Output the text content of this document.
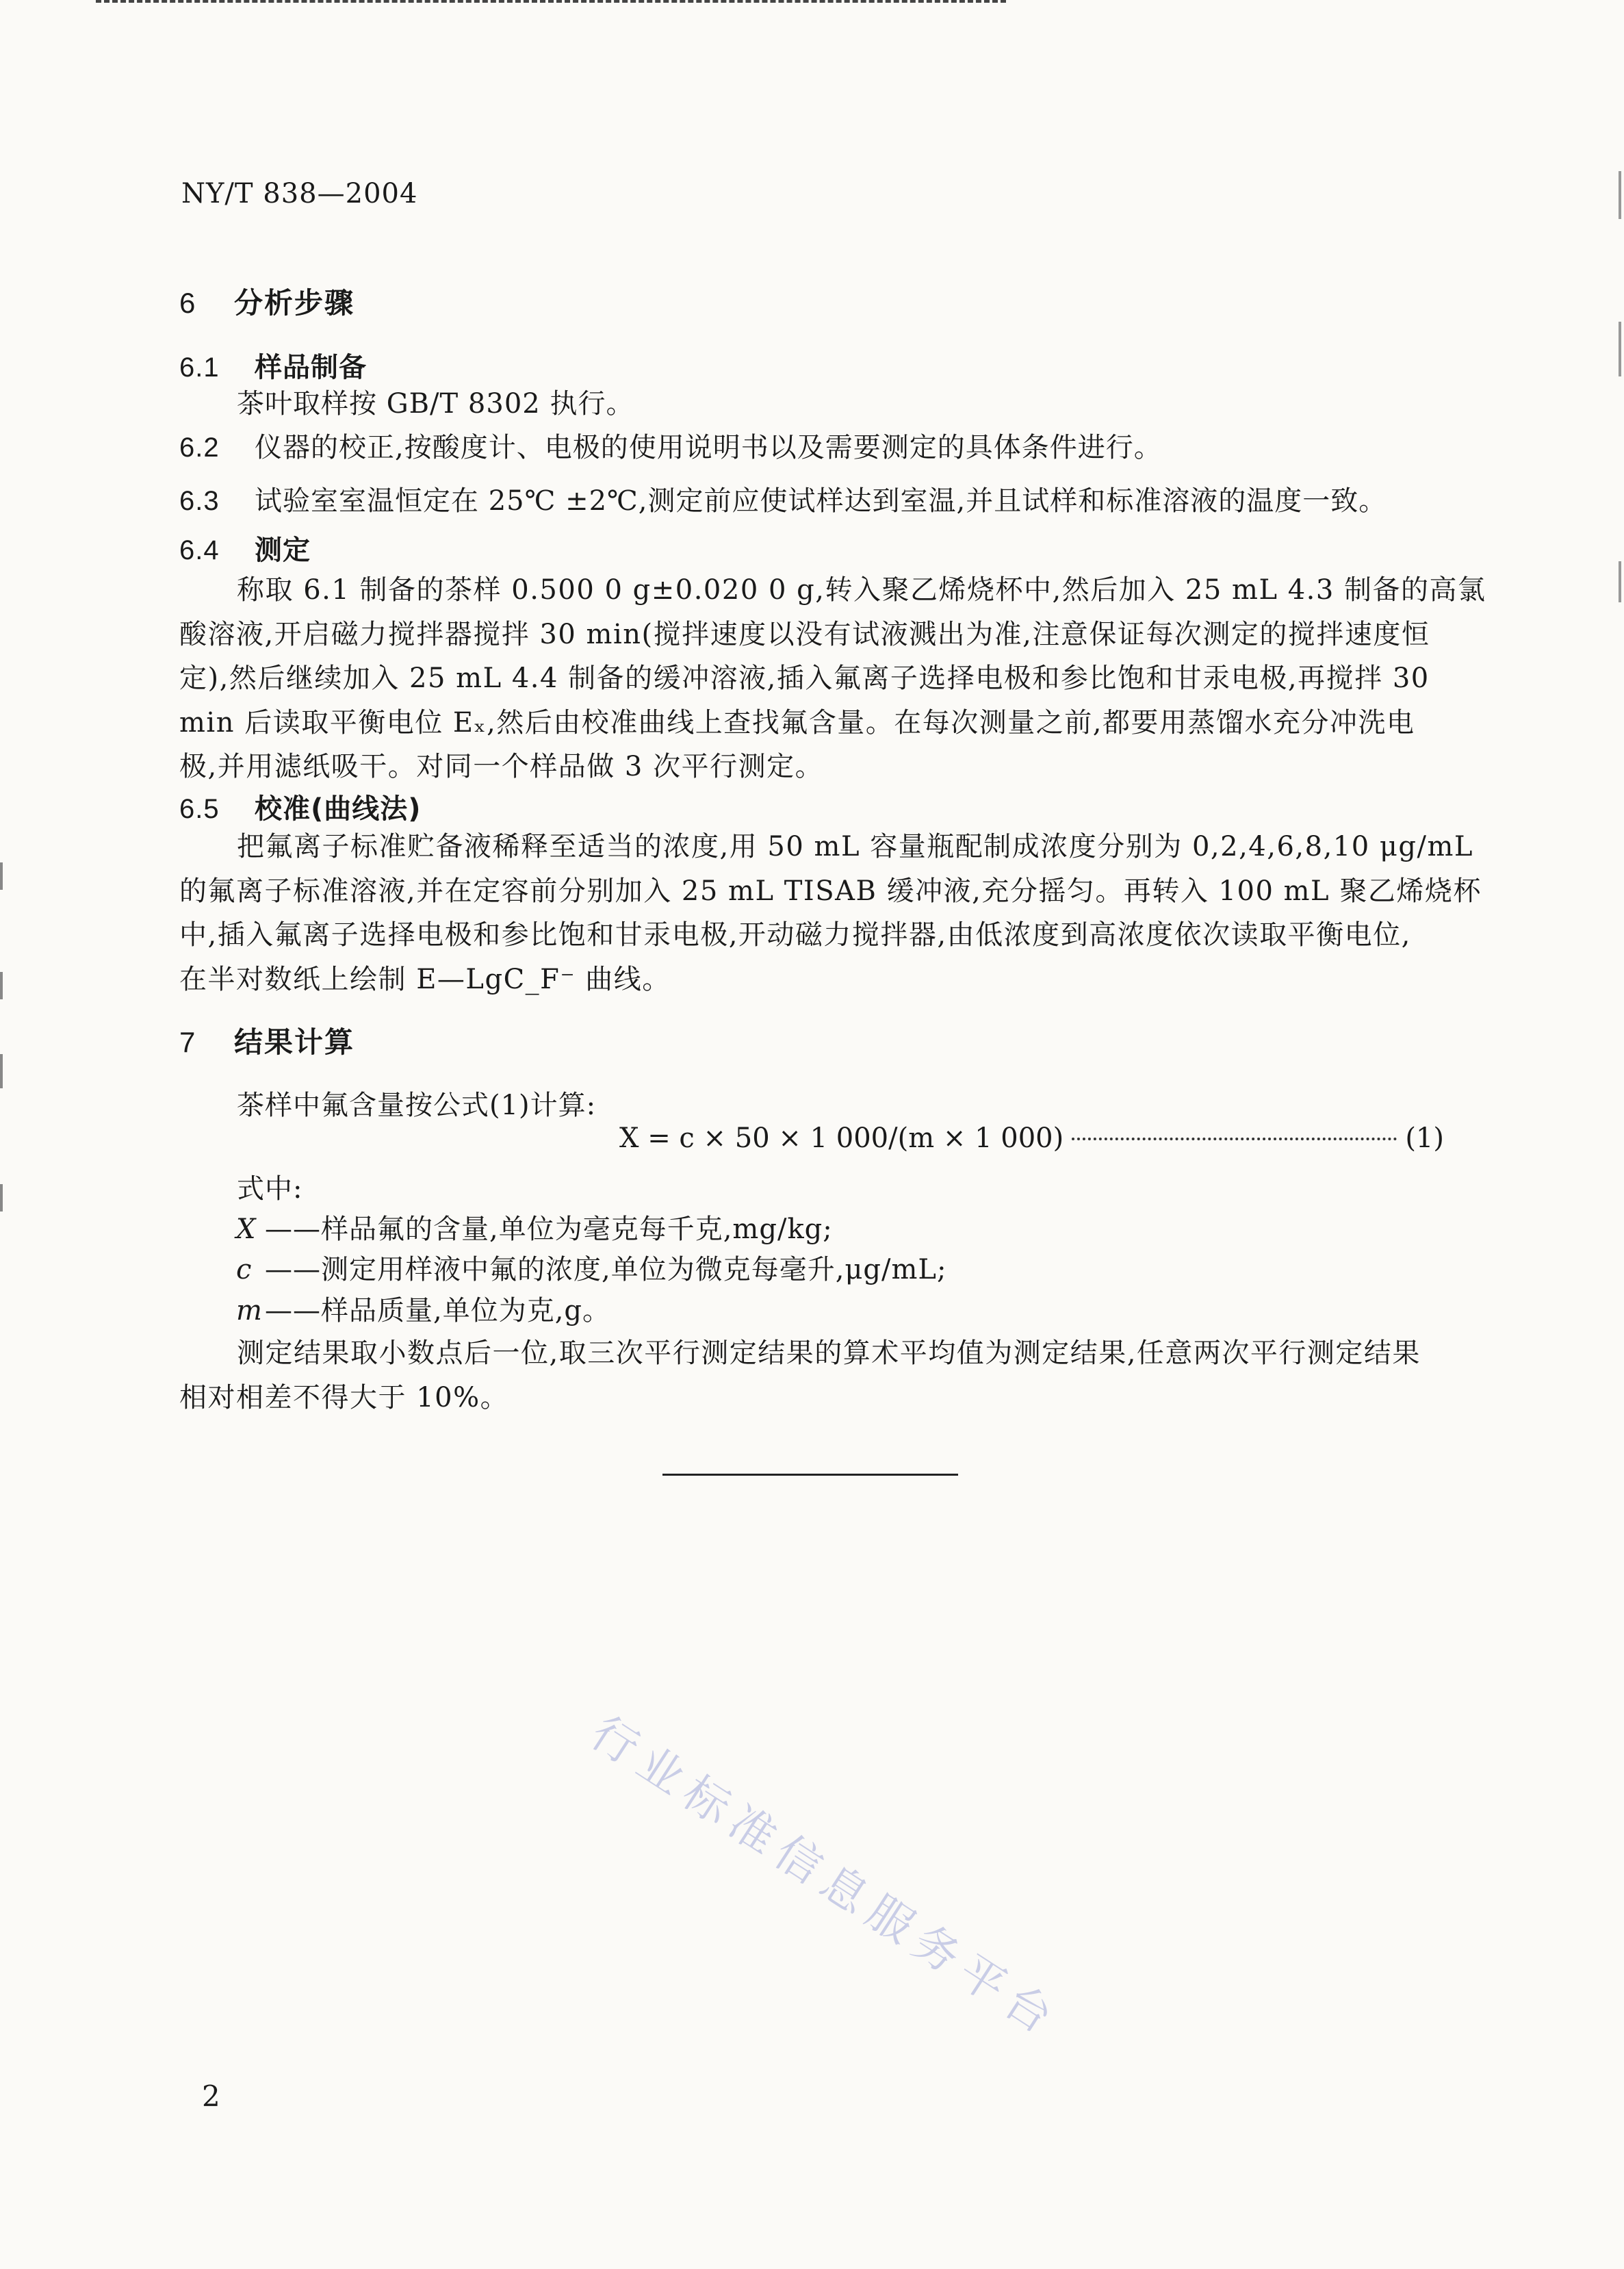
NY/T 838—2004
6 分析步骤
6.1 样品制备
茶叶取样按 GB/T 8302 执行。
6.2 仪器的校正,按酸度计、电极的使用说明书以及需要测定的具体条件进行。
6.3 试验室室温恒定在 25℃ ±2℃,测定前应使试样达到室温,并且试样和标准溶液的温度一致。
6.4 测定
称取 6.1 制备的茶样 0.500 0 g±0.020 0 g,转入聚乙烯烧杯中,然后加入 25 mL 4.3 制备的高氯
酸溶液,开启磁力搅拌器搅拌 30 min(搅拌速度以没有试液溅出为准,注意保证每次测定的搅拌速度恒
定),然后继续加入 25 mL 4.4 制备的缓冲溶液,插入氟离子选择电极和参比饱和甘汞电极,再搅拌 30
min 后读取平衡电位 Eₓ,然后由校准曲线上查找氟含量。在每次测量之前,都要用蒸馏水充分冲洗电
极,并用滤纸吸干。对同一个样品做 3 次平行测定。
6.5 校准(曲线法)
把氟离子标准贮备液稀释至适当的浓度,用 50 mL 容量瓶配制成浓度分别为 0,2,4,6,8,10 μg/mL
的氟离子标准溶液,并在定容前分别加入 25 mL TISAB 缓冲液,充分摇匀。再转入 100 mL 聚乙烯烧杯
中,插入氟离子选择电极和参比饱和甘汞电极,开动磁力搅拌器,由低浓度到高浓度依次读取平衡电位,
在半对数纸上绘制 E—LgC_F⁻ 曲线。
7 结果计算
茶样中氟含量按公式(1)计算:
X = c × 50 × 1 000/(m × 1 000)	(1)
式中:
X ——样品氟的含量,单位为毫克每千克,mg/kg;
c ——测定用样液中氟的浓度,单位为微克每毫升,μg/mL;
m——样品质量,单位为克,g。
测定结果取小数点后一位,取三次平行测定结果的算术平均值为测定结果,任意两次平行测定结果
相对相差不得大于 10%。
行业标准信息服务平台
2
